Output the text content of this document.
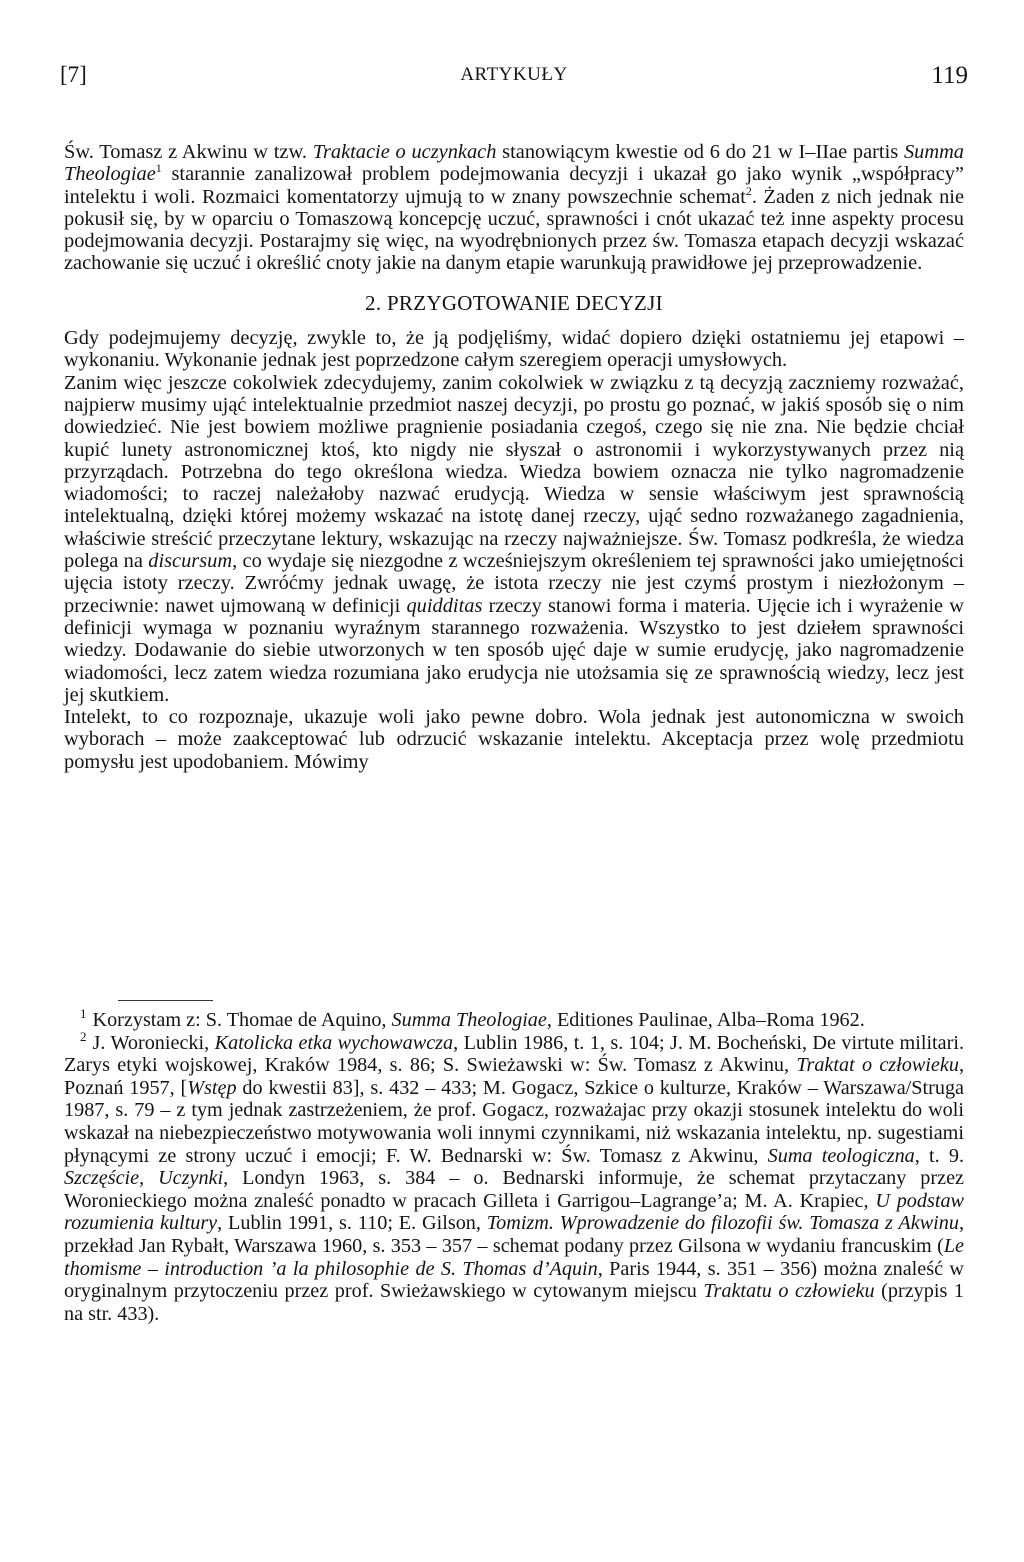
[7]	ARTYKUŁY	119

Św. Tomasz z Akwinu w tzw. Traktacie o uczynkach stanowiącym kwestie od 6 do 21 w I–IIae partis Summa Theologiae$^1$ starannie zanalizował problem podejmowania decyzji i ukazał go jako wynik „współpracy” intelektu i woli. Rozmaici komentatorzy ujmują to w znany powszechnie schemat$^2$. Żaden z nich jednak nie pokusił się, by w oparciu o Tomaszową koncepcję uczuć, sprawności i cnót ukazać też inne aspekty procesu podejmowania decyzji. Postarajmy się więc, na wyodrębnionych przez św. Tomasza etapach decyzji wskazać zachowanie się uczuć i określić cnoty jakie na danym etapie warunkują prawidłowe jej przeprowadzenie.

2. PRZYGOTOWANIE DECYZJI

Gdy podejmujemy decyzję, zwykle to, że ją podjęliśmy, widać dopiero dzięki ostatniemu jej etapowi – wykonaniu. Wykonanie jednak jest poprzedzone całym szeregiem operacji umysłowych.

Zanim więc jeszcze cokolwiek zdecydujemy, zanim cokolwiek w związku z tą decyzją zaczniemy rozważać, najpierw musimy ująć intelektualnie przedmiot naszej decyzji, po prostu go poznać, w jakiś sposób się o nim dowiedzieć. Nie jest bowiem możliwe pragnienie posiadania czegoś, czego się nie zna. Nie będzie chciał kupić lunety astronomicznej ktoś, kto nigdy nie słyszał o astronomii i wykorzystywanych przez nią przyrządach. Potrzebna do tego określona wiedza. Wiedza bowiem oznacza nie tylko nagromadzenie wiadomości; to raczej należałoby nazwać erudycją. Wiedza w sensie właściwym jest sprawnością intelektualną, dzięki której możemy wskazać na istotę danej rzeczy, ująć sedno rozważanego zagadnienia, właściwie streścić przeczytane lektury, wskazując na rzeczy najważniejsze. Św. Tomasz podkreśla, że wiedza polega na discursum, co wydaje się niezgodne z wcześniejszym określeniem tej sprawności jako umiejętności ujęcia istoty rzeczy. Zwróćmy jednak uwagę, że istota rzeczy nie jest czymś prostym i niezłożonym – przeciwnie: nawet ujmowaną w definicji quidditas rzeczy stanowi forma i materia. Ujęcie ich i wyrażenie w definicji wymaga w poznaniu wyraźnym starannego rozważenia. Wszystko to jest dziełem sprawności wiedzy. Dodawanie do siebie utworzonych w ten sposób ujęć daje w sumie erudycję, jako nagromadzenie wiadomości, lecz zatem wiedza rozumiana jako erudycja nie utożsamia się ze sprawnością wiedzy, lecz jest jej skutkiem.

Intelekt, to co rozpoznaje, ukazuje woli jako pewne dobro. Wola jednak jest autonomiczna w swoich wyborach – może zaakceptować lub odrzucić wskazanie intelektu. Akceptacja przez wolę przedmiotu pomysłu jest upodobaniem. Mówimy

$^1$ Korzystam z: S. Thomae de Aquino, Summa Theologiae, Editiones Paulinae, Alba–Roma 1962.

$^2$ J. Woroniecki, Katolicka etka wychowawcza, Lublin 1986, t. 1, s. 104; J. M. Bocheński, De virtute militari. Zarys etyki wojskowej, Kraków 1984, s. 86; S. Swieżawski w: Św. Tomasz z Akwinu, Traktat o człowieku, Poznań 1957, [Wstęp do kwestii 83], s. 432 – 433; M. Gogacz, Szkice o kulturze, Kraków – Warszawa/Struga 1987, s. 79 – z tym jednak zastrzeżeniem, że prof. Gogacz, rozważajac przy okazji stosunek intelektu do woli wskazał na niebezpieczeństwo motywowania woli innymi czynnikami, niż wskazania intelektu, np. sugestiami płynącymi ze strony uczuć i emocji; F. W. Bednarski w: Św. Tomasz z Akwinu, Suma teologiczna, t. 9. Szczęście, Uczynki, Londyn 1963, s. 384 – o. Bednarski informuje, że schemat przytaczany przez Woronieckiego można znaleść ponadto w pracach Gilleta i Garrigou–Lagrange’a; M. A. Krapiec, U podstaw rozumienia kultury, Lublin 1991, s. 110; E. Gilson, Tomizm. Wprowadzenie do filozofii św. Tomasza z Akwinu, przekład Jan Rybałt, Warszawa 1960, s. 353 – 357 – schemat podany przez Gilsona w wydaniu francuskim (Le thomisme – introduction ’a la philosophie de S. Thomas d’Aquin, Paris 1944, s. 351 – 356) można znaleść w oryginalnym przytoczeniu przez prof. Swieżawskiego w cytowanym miejscu Traktatu o człowieku (przypis 1 na str. 433).
